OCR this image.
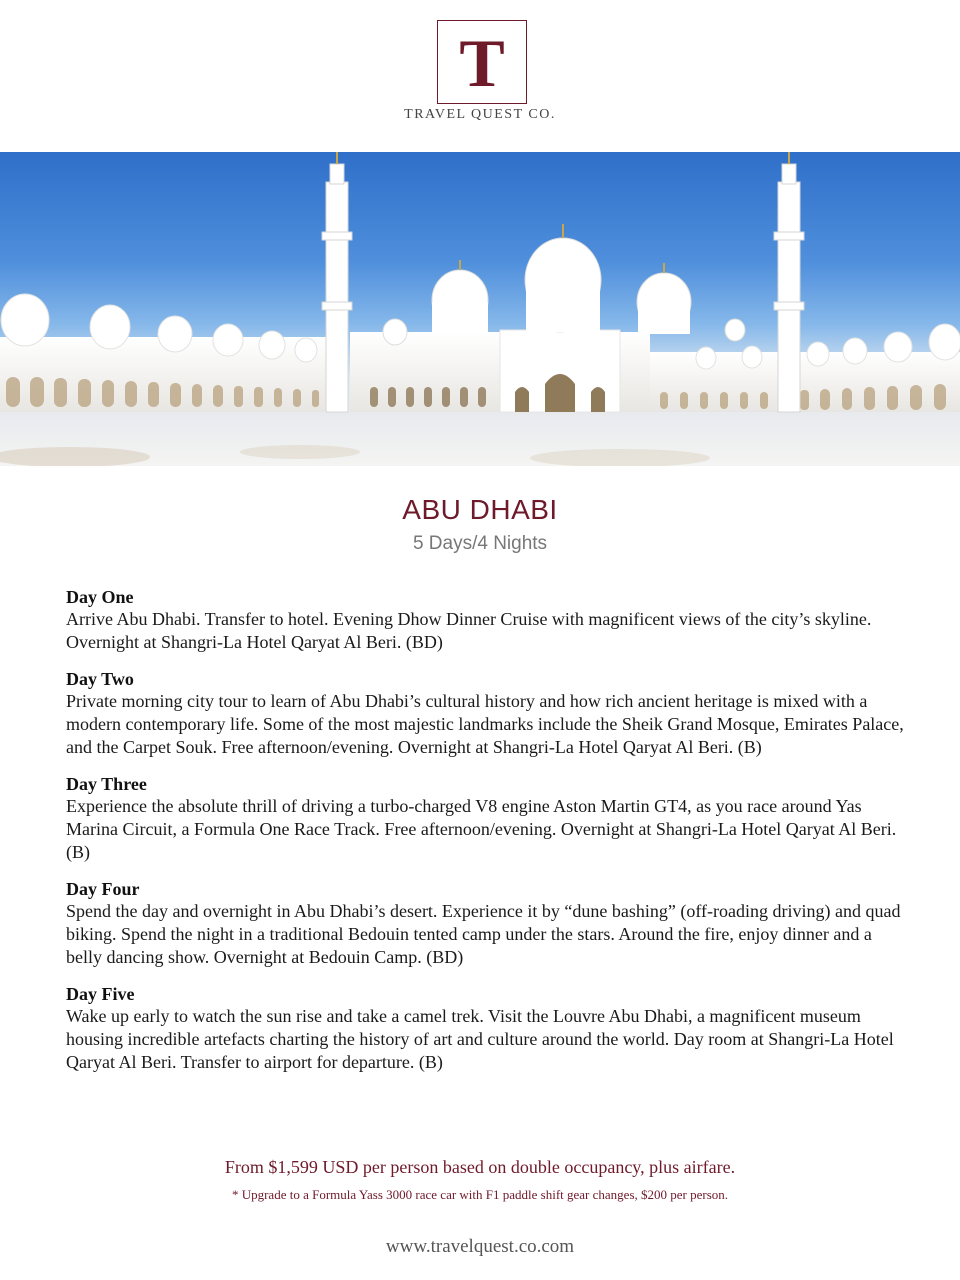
T
TRAVEL QUEST CO.
ABU DHABI
5 Days/4 Nights
Day One
Arrive Abu Dhabi. Transfer to hotel. Evening Dhow Dinner Cruise with magnificent views of the city’s skyline. Overnight at Shangri-La Hotel Qaryat Al Beri. (BD)
Day Two
Private morning city tour to learn of Abu Dhabi’s cultural history and how rich ancient heritage is mixed with a modern contemporary life. Some of the most majestic landmarks include the Sheik Grand Mosque, Emirates Palace, and the Carpet Souk. Free afternoon/evening. Overnight at Shangri-La Hotel Qaryat Al Beri. (B)
Day Three
Experience the absolute thrill of driving a turbo-charged V8 engine Aston Martin GT4, as you race around Yas Marina Circuit, a Formula One Race Track. Free afternoon/evening. Overnight at Shangri-La Hotel Qaryat Al Beri. (B)
Day Four
Spend the day and overnight in Abu Dhabi’s desert. Experience it by “dune bashing” (off-roading driving) and quad biking. Spend the night in a traditional Bedouin tented camp under the stars. Around the fire, enjoy dinner and a belly dancing show. Overnight at Bedouin Camp. (BD)
Day Five
Wake up early to watch the sun rise and take a camel trek. Visit the Louvre Abu Dhabi, a magnificent museum housing incredible artefacts charting the history of art and culture around the world. Day room at Shangri-La Hotel Qaryat Al Beri. Transfer to airport for departure. (B)
From $1,599 USD per person based on double occupancy, plus airfare.
* Upgrade to a Formula Yass 3000 race car with F1 paddle shift gear changes, $200 per person.
www.travelquest.co.com
